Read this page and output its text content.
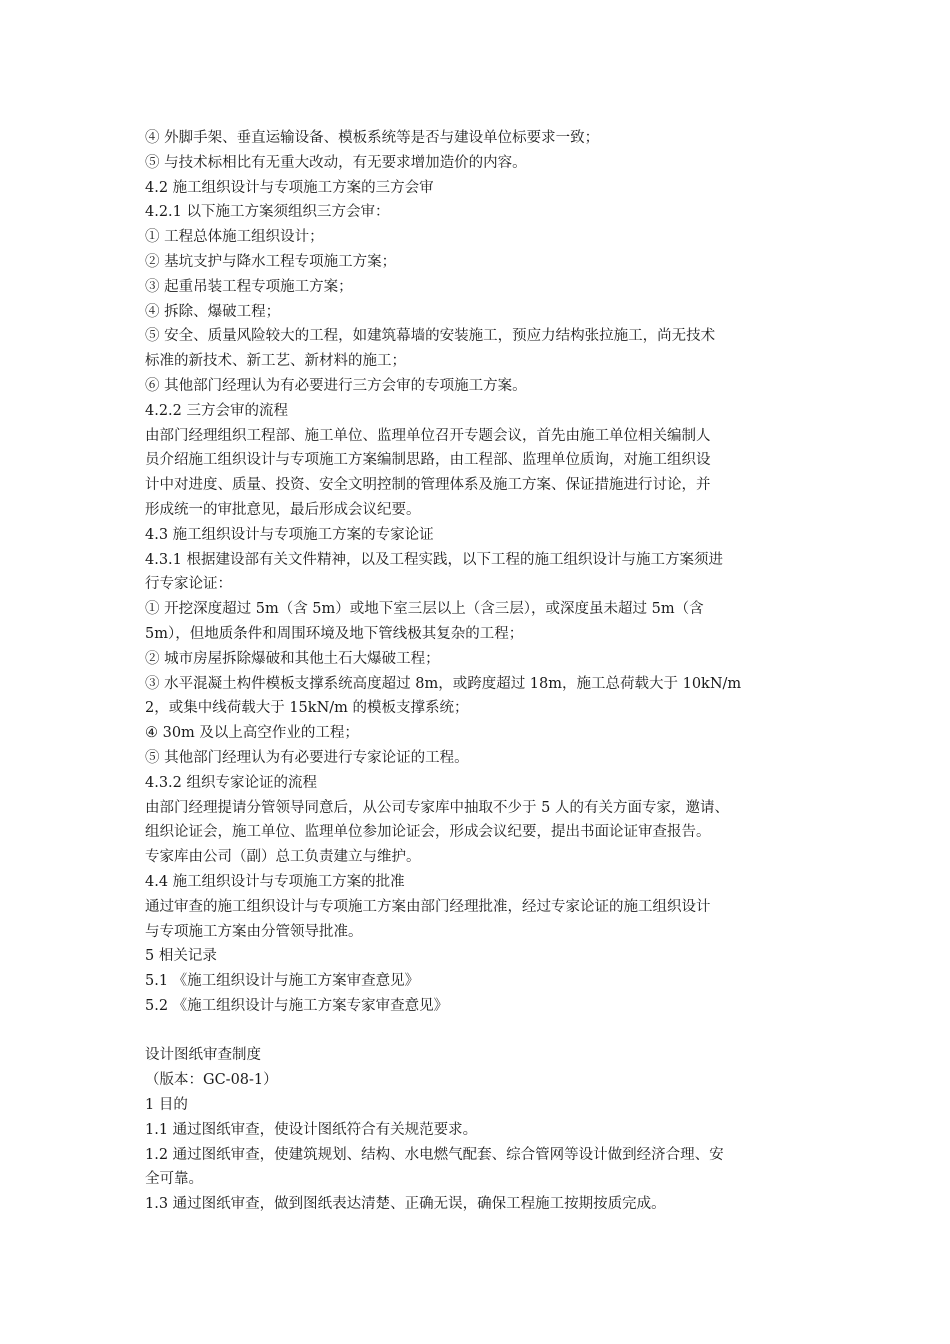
④ 外脚手架、垂直运输设备、模板系统等是否与建设单位标要求一致；
⑤ 与技术标相比有无重大改动，有无要求增加造价的内容。
4.2 施工组织设计与专项施工方案的三方会审
4.2.1 以下施工方案须组织三方会审：
① 工程总体施工组织设计；
② 基坑支护与降水工程专项施工方案；
③ 起重吊装工程专项施工方案；
④ 拆除、爆破工程；
⑤ 安全、质量风险较大的工程，如建筑幕墙的安装施工，预应力结构张拉施工，尚无技术
标准的新技术、新工艺、新材料的施工；
⑥ 其他部门经理认为有必要进行三方会审的专项施工方案。
4.2.2 三方会审的流程
由部门经理组织工程部、施工单位、监理单位召开专题会议，首先由施工单位相关编制人
员介绍施工组织设计与专项施工方案编制思路，由工程部、监理单位质询，对施工组织设
计中对进度、质量、投资、安全文明控制的管理体系及施工方案、保证措施进行讨论，并
形成统一的审批意见，最后形成会议纪要。
4.3 施工组织设计与专项施工方案的专家论证
4.3.1 根据建设部有关文件精神，以及工程实践，以下工程的施工组织设计与施工方案须进
行专家论证：
① 开挖深度超过 5m（含 5m）或地下室三层以上（含三层），或深度虽未超过 5m（含
5m），但地质条件和周围环境及地下管线极其复杂的工程；
② 城市房屋拆除爆破和其他土石大爆破工程；
③ 水平混凝土构件模板支撑系统高度超过 8m，或跨度超过 18m，施工总荷载大于 10kN/m
2，或集中线荷载大于 15kN/m 的模板支撑系统；
④ 30m 及以上高空作业的工程；
⑤ 其他部门经理认为有必要进行专家论证的工程。
4.3.2 组织专家论证的流程
由部门经理提请分管领导同意后，从公司专家库中抽取不少于 5 人的有关方面专家，邀请、
组织论证会，施工单位、监理单位参加论证会，形成会议纪要，提出书面论证审查报告。
专家库由公司（副）总工负责建立与维护。
4.4 施工组织设计与专项施工方案的批准
通过审查的施工组织设计与专项施工方案由部门经理批准，经过专家论证的施工组织设计
与专项施工方案由分管领导批准。
5 相关记录
5.1 《施工组织设计与施工方案审查意见》
5.2 《施工组织设计与施工方案专家审查意见》
设计图纸审查制度
（版本：GC-08-1）
1 目的
1.1 通过图纸审查，使设计图纸符合有关规范要求。
1.2 通过图纸审查，使建筑规划、结构、水电燃气配套、综合管网等设计做到经济合理、安
全可靠。
1.3 通过图纸审查，做到图纸表达清楚、正确无误，确保工程施工按期按质完成。
